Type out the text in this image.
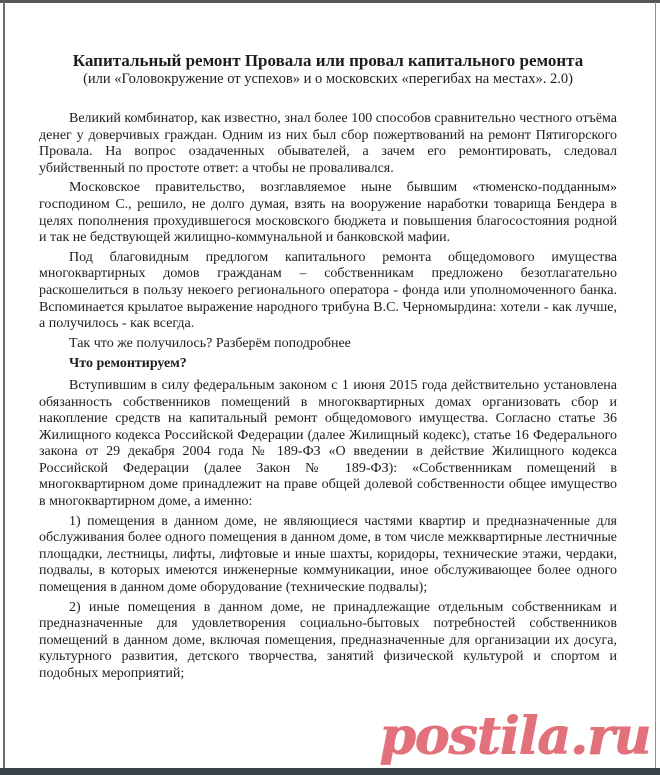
Капитальный ремонт Провала или провал капитального ремонта

(или «Головокружение от успехов» и о московских «перегибах на местах». 2.0)

Великий комбинатор, как известно, знал более 100 способов сравнительно честного отъёма денег у доверчивых граждан. Одним из них был сбор пожертвований на ремонт Пятигорского Провала. На вопрос озадаченных обывателей, а зачем его ремонтировать, следовал убийственный по простоте ответ: а чтобы не проваливался.

Московское правительство, возглавляемое ныне бывшим «тюменско-подданным» господином С., решило, не долго думая, взять на вооружение наработки товарища Бендера в целях пополнения прохудившегося московского бюджета и повышения благосостояния родной и так не бедствующей жилищно-коммунальной и банковской мафии.

Под благовидным предлогом капитального ремонта общедомового имущества многоквартирных домов гражданам – собственникам предложено безотлагательно раскошелиться в пользу некоего регионального оператора - фонда или уполномоченного банка. Вспоминается крылатое выражение народного трибуна В.С. Черномырдина: хотели - как лучше, а получилось - как всегда.

Так что же получилось? Разберём поподробнее

Что ремонтируем?

Вступившим в силу федеральным законом с 1 июня 2015 года действительно установлена обязанность собственников помещений в многоквартирных домах организовать сбор и накопление средств на капитальный ремонт общедомового имущества. Согласно статье 36 Жилищного кодекса Российской Федерации (далее Жилищный кодекс), статье 16 Федерального закона от 29 декабря 2004 года № 189-ФЗ «О введении в действие Жилищного кодекса Российской Федерации (далее Закон № 189-ФЗ): «Собственникам помещений в многоквартирном доме принадлежит на праве общей долевой собственности общее имущество в многоквартирном доме, а именно:

1) помещения в данном доме, не являющиеся частями квартир и предназначенные для обслуживания более одного помещения в данном доме, в том числе межквартирные лестничные площадки, лестницы, лифты, лифтовые и иные шахты, коридоры, технические этажи, чердаки, подвалы, в которых имеются инженерные коммуникации, иное обслуживающее более одного помещения в данном доме оборудование (технические подвалы);

2) иные помещения в данном доме, не принадлежащие отдельным собственникам и предназначенные для удовлетворения социально-бытовых потребностей собственников помещений в данном доме, включая помещения, предназначенные для организации их досуга, культурного развития, детского творчества, занятий физической культурой и спортом и подобных мероприятий;

postila.ru
